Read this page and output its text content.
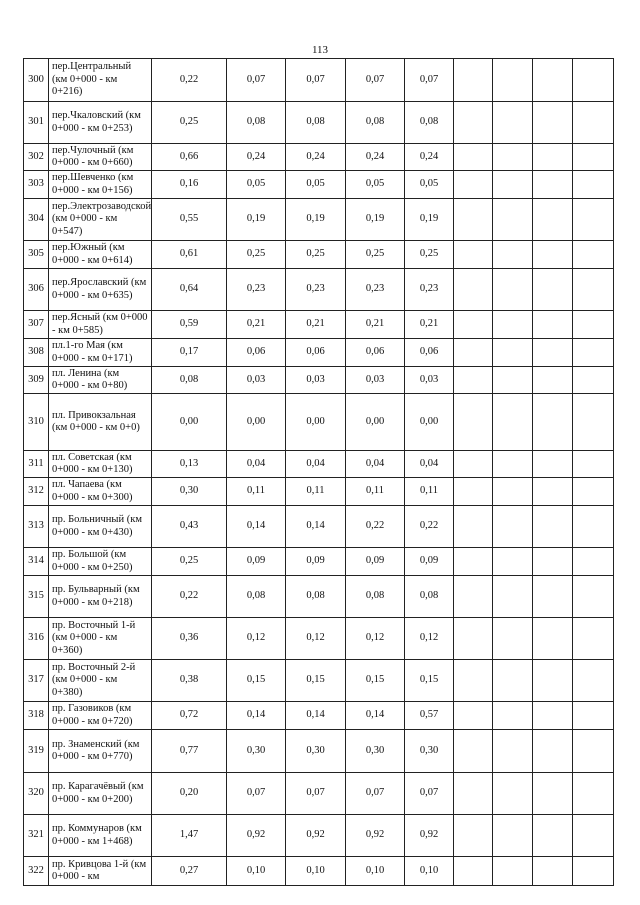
113
300	пер.Центральный (км 0+000 - км 0+216)	0,22	0,07	0,07	0,07	0,07				
301	пер.Чкаловский (км 0+000 - км 0+253)	0,25	0,08	0,08	0,08	0,08				
302	пер.Чулочный (км 0+000 - км 0+660)	0,66	0,24	0,24	0,24	0,24				
303	пер.Шевченко (км 0+000 - км 0+156)	0,16	0,05	0,05	0,05	0,05				
304	пер.Электрозаводской (км 0+000 - км 0+547)	0,55	0,19	0,19	0,19	0,19				
305	пер.Южный (км 0+000 - км 0+614)	0,61	0,25	0,25	0,25	0,25				
306	пер.Ярославский (км 0+000 - км 0+635)	0,64	0,23	0,23	0,23	0,23				
307	пер.Ясный (км 0+000 - км 0+585)	0,59	0,21	0,21	0,21	0,21				
308	пл.1-го Мая (км 0+000 - км 0+171)	0,17	0,06	0,06	0,06	0,06				
309	пл. Ленина (км 0+000 - км 0+80)	0,08	0,03	0,03	0,03	0,03				
310	пл. Привокзальная (км 0+000 - км 0+0)	0,00	0,00	0,00	0,00	0,00				
311	пл. Советская (км 0+000 - км 0+130)	0,13	0,04	0,04	0,04	0,04				
312	пл. Чапаева (км 0+000 - км 0+300)	0,30	0,11	0,11	0,11	0,11				
313	пр. Больничный (км 0+000 - км 0+430)	0,43	0,14	0,14	0,22	0,22				
314	пр. Большой (км 0+000 - км 0+250)	0,25	0,09	0,09	0,09	0,09				
315	пр. Бульварный (км 0+000 - км 0+218)	0,22	0,08	0,08	0,08	0,08				
316	пр. Восточный 1-й (км 0+000 - км 0+360)	0,36	0,12	0,12	0,12	0,12				
317	пр. Восточный 2-й (км 0+000 - км 0+380)	0,38	0,15	0,15	0,15	0,15				
318	пр. Газовиков (км 0+000 - км 0+720)	0,72	0,14	0,14	0,14	0,57				
319	пр. Знаменский (км 0+000 - км 0+770)	0,77	0,30	0,30	0,30	0,30				
320	пр. Карагачёвый (км 0+000 - км 0+200)	0,20	0,07	0,07	0,07	0,07				
321	пр. Коммунаров (км 0+000 - км 1+468)	1,47	0,92	0,92	0,92	0,92				
322	пр. Кривцова 1-й (км 0+000 - км	0,27	0,10	0,10	0,10	0,10				
